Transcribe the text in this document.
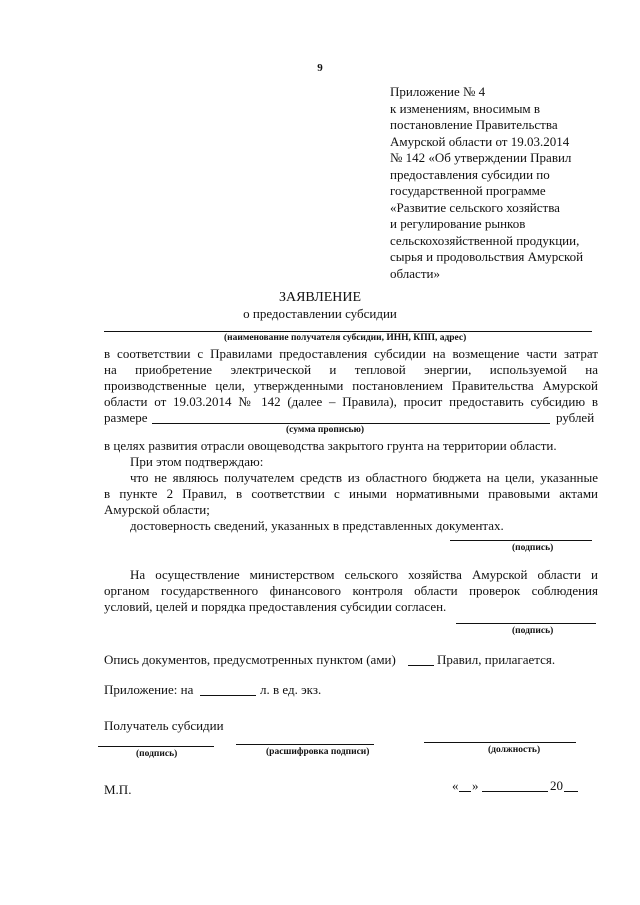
9
Приложение № 4
к изменениям, вносимым в
постановление Правительства
Амурской области от 19.03.2014
№ 142 «Об утверждении Правил
предоставления субсидии по
государственной программе
«Развитие сельского хозяйства
и регулирование рынков
сельскохозяйственной продукции,
сырья и продовольствия Амурской
области»
ЗАЯВЛЕНИЕ
о предоставлении субсидии
(наименование получателя субсидии, ИНН, КПП, адрес)
в соответствии с Правилами предоставления субсидии на возмещение части затрат
на приобретение электрической и тепловой энергии, используемой на
производственные цели, утвержденными постановлением Правительства Амурской
области от 19.03.2014 № 142 (далее – Правила), просит предоставить субсидию в
размере	рублей
(сумма прописью)
в целях развития отрасли овощеводства закрытого грунта на территории области.
При этом подтверждаю:
что не являюсь получателем средств из областного бюджета на цели, указанные
в пункте 2 Правил, в соответствии с иными нормативными правовыми актами
Амурской области;
достоверность сведений, указанных в представленных документах.
(подпись)
На осуществление министерством сельского хозяйства Амурской области и
органом государственного финансового контроля области проверок соблюдения
условий, целей и порядка предоставления субсидии согласен.
(подпись)
Опись документов, предусмотренных пунктом (ами)	Правил, прилагается.
Приложение: на	л. в ед. экз.
Получатель субсидии
(подпись)	(расшифровка подписи)	(должность)
М.П.	« »	20
